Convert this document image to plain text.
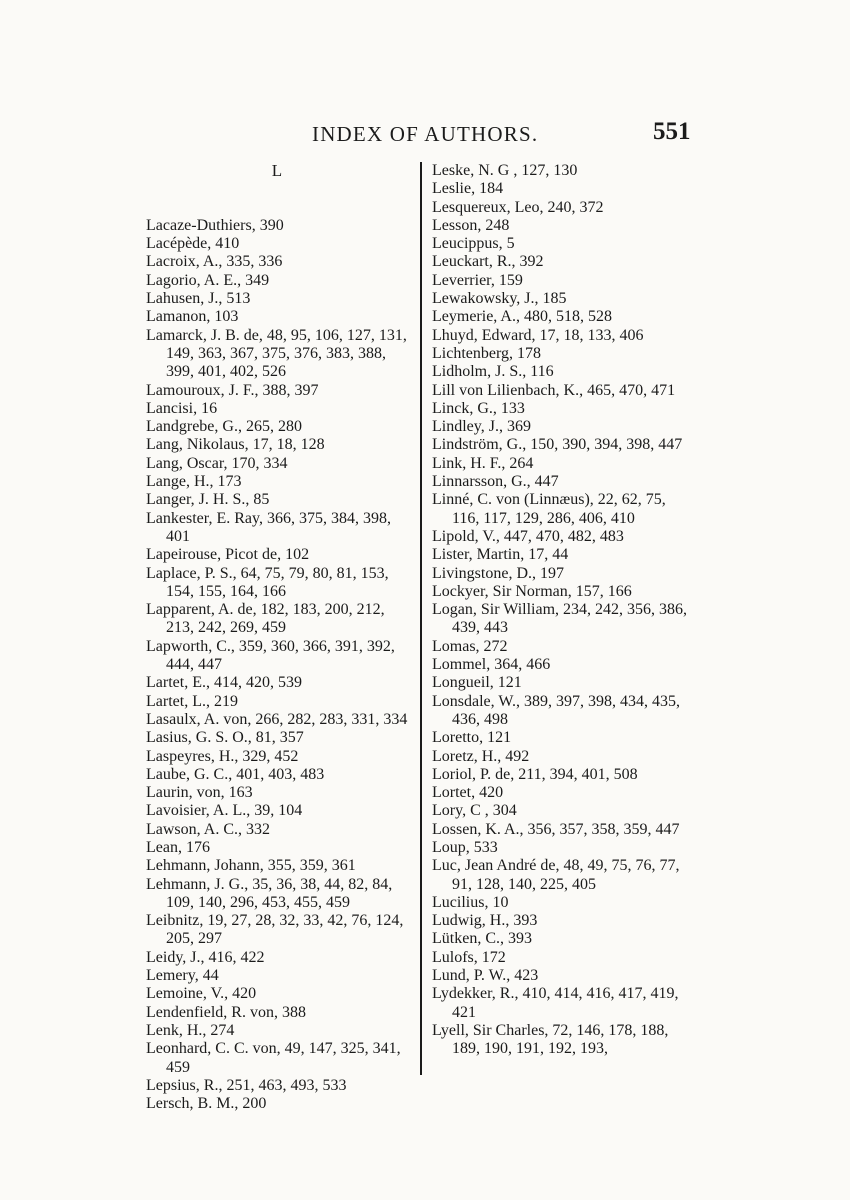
INDEX OF AUTHORS.	551
L
Lacaze-Duthiers, 390
Lacépède, 410
Lacroix, A., 335, 336
Lagorio, A. E., 349
Lahusen, J., 513
Lamanon, 103
Lamarck, J. B. de, 48, 95, 106, 127, 131, 149, 363, 367, 375, 376, 383, 388, 399, 401, 402, 526
Lamouroux, J. F., 388, 397
Lancisi, 16
Landgrebe, G., 265, 280
Lang, Nikolaus, 17, 18, 128
Lang, Oscar, 170, 334
Lange, H., 173
Langer, J. H. S., 85
Lankester, E. Ray, 366, 375, 384, 398, 401
Lapeirouse, Picot de, 102
Laplace, P. S., 64, 75, 79, 80, 81, 153, 154, 155, 164, 166
Lapparent, A. de, 182, 183, 200, 212, 213, 242, 269, 459
Lapworth, C., 359, 360, 366, 391, 392, 444, 447
Lartet, E., 414, 420, 539
Lartet, L., 219
Lasaulx, A. von, 266, 282, 283, 331, 334
Lasius, G. S. O., 81, 357
Laspeyres, H., 329, 452
Laube, G. C., 401, 403, 483
Laurin, von, 163
Lavoisier, A. L., 39, 104
Lawson, A. C., 332
Lean, 176
Lehmann, Johann, 355, 359, 361
Lehmann, J. G., 35, 36, 38, 44, 82, 84, 109, 140, 296, 453, 455, 459
Leibnitz, 19, 27, 28, 32, 33, 42, 76, 124, 205, 297
Leidy, J., 416, 422
Lemery, 44
Lemoine, V., 420
Lendenfield, R. von, 388
Lenk, H., 274
Leonhard, C. C. von, 49, 147, 325, 341, 459
Lepsius, R., 251, 463, 493, 533
Lersch, B. M., 200
Leske, N. G , 127, 130
Leslie, 184
Lesquereux, Leo, 240, 372
Lesson, 248
Leucippus, 5
Leuckart, R., 392
Leverrier, 159
Lewakowsky, J., 185
Leymerie, A., 480, 518, 528
Lhuyd, Edward, 17, 18, 133, 406
Lichtenberg, 178
Lidholm, J. S., 116
Lill von Lilienbach, K., 465, 470, 471
Linck, G., 133
Lindley, J., 369
Lindström, G., 150, 390, 394, 398, 447
Link, H. F., 264
Linnarsson, G., 447
Linné, C. von (Linnæus), 22, 62, 75, 116, 117, 129, 286, 406, 410
Lipold, V., 447, 470, 482, 483
Lister, Martin, 17, 44
Livingstone, D., 197
Lockyer, Sir Norman, 157, 166
Logan, Sir William, 234, 242, 356, 386, 439, 443
Lomas, 272
Lommel, 364, 466
Longueil, 121
Lonsdale, W., 389, 397, 398, 434, 435, 436, 498
Loretto, 121
Loretz, H., 492
Loriol, P. de, 211, 394, 401, 508
Lortet, 420
Lory, C , 304
Lossen, K. A., 356, 357, 358, 359, 447
Loup, 533
Luc, Jean André de, 48, 49, 75, 76, 77, 91, 128, 140, 225, 405
Lucilius, 10
Ludwig, H., 393
Lütken, C., 393
Lulofs, 172
Lund, P. W., 423
Lydekker, R., 410, 414, 416, 417, 419, 421
Lyell, Sir Charles, 72, 146, 178, 188, 189, 190, 191, 192, 193,
